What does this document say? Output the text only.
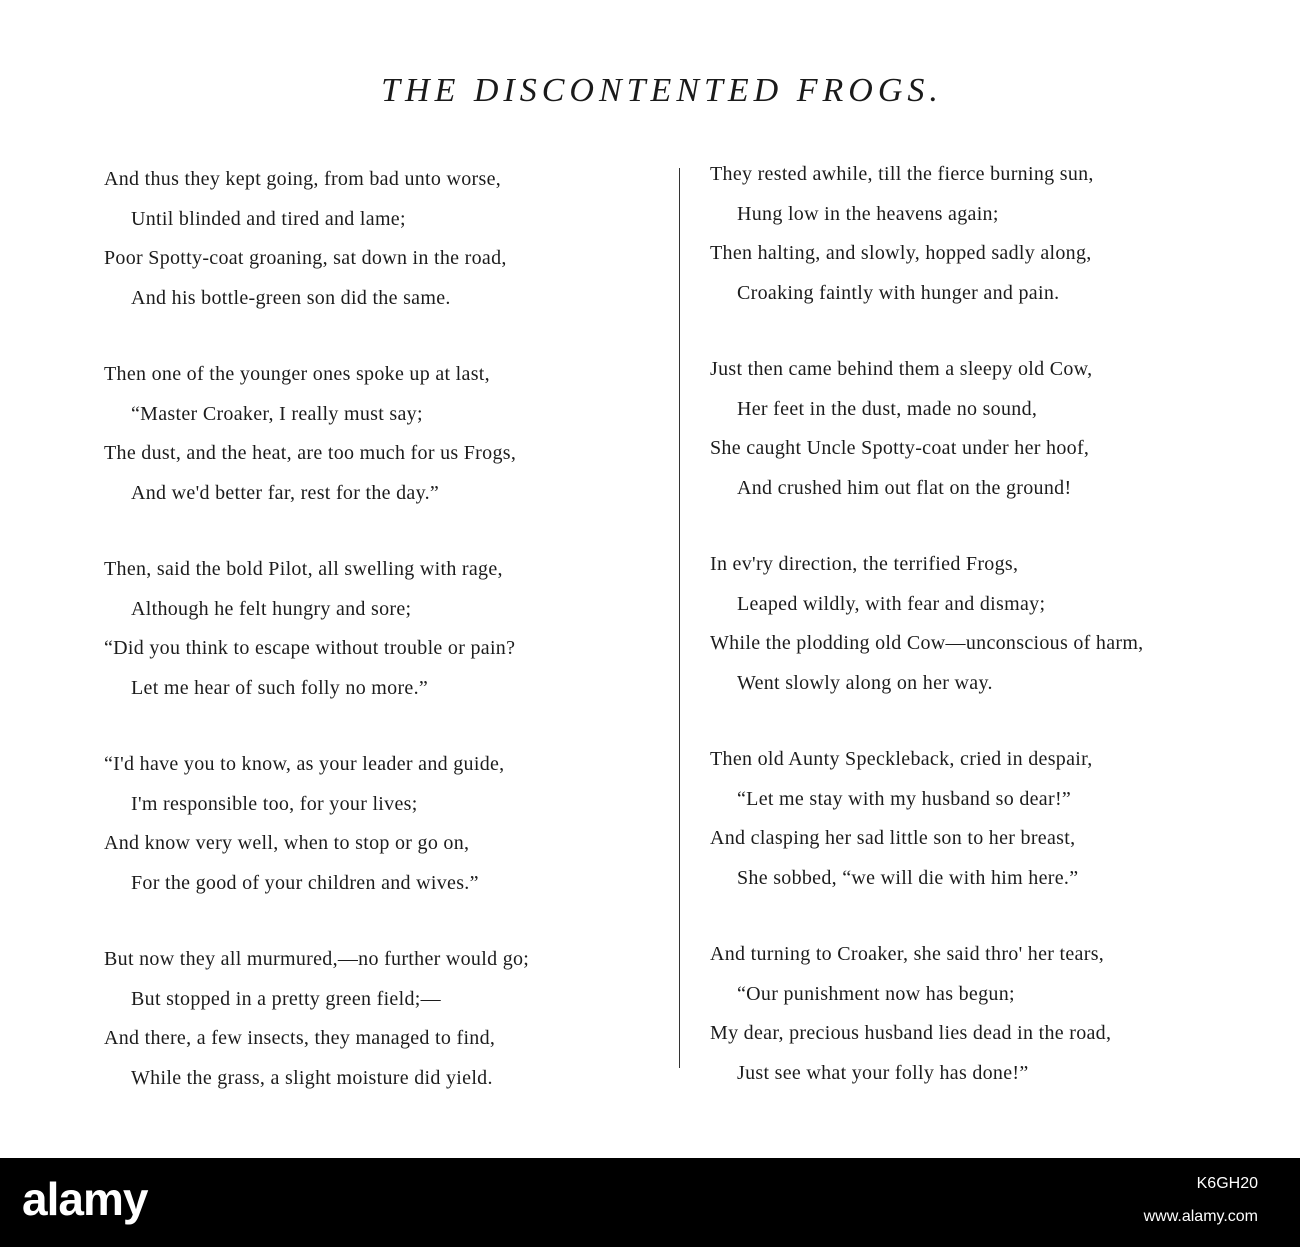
THE DISCONTENTED FROGS.
And thus they kept going, from bad unto worse,
Until blinded and tired and lame;
Poor Spotty-coat groaning, sat down in the road,
And his bottle-green son did the same.
Then one of the younger ones spoke up at last,
“Master Croaker, I really must say;
The dust, and the heat, are too much for us Frogs,
And we'd better far, rest for the day.”
Then, said the bold Pilot, all swelling with rage,
Although he felt hungry and sore;
“Did you think to escape without trouble or pain?
Let me hear of such folly no more.”
“I'd have you to know, as your leader and guide,
I'm responsible too, for your lives;
And know very well, when to stop or go on,
For the good of your children and wives.”
But now they all murmured,—no further would go;
But stopped in a pretty green field;—
And there, a few insects, they managed to find,
While the grass, a slight moisture did yield.
They rested awhile, till the fierce burning sun,
Hung low in the heavens again;
Then halting, and slowly, hopped sadly along,
Croaking faintly with hunger and pain.
Just then came behind them a sleepy old Cow,
Her feet in the dust, made no sound,
She caught Uncle Spotty-coat under her hoof,
And crushed him out flat on the ground!
In ev'ry direction, the terrified Frogs,
Leaped wildly, with fear and dismay;
While the plodding old Cow—unconscious of harm,
Went slowly along on her way.
Then old Aunty Speckleback, cried in despair,
“Let me stay with my husband so dear!”
And clasping her sad little son to her breast,
She sobbed, “we will die with him here.”
And turning to Croaker, she said thro' her tears,
“Our punishment now has begun;
My dear, precious husband lies dead in the road,
Just see what your folly has done!”
alamy	K6GH20
www.alamy.com
